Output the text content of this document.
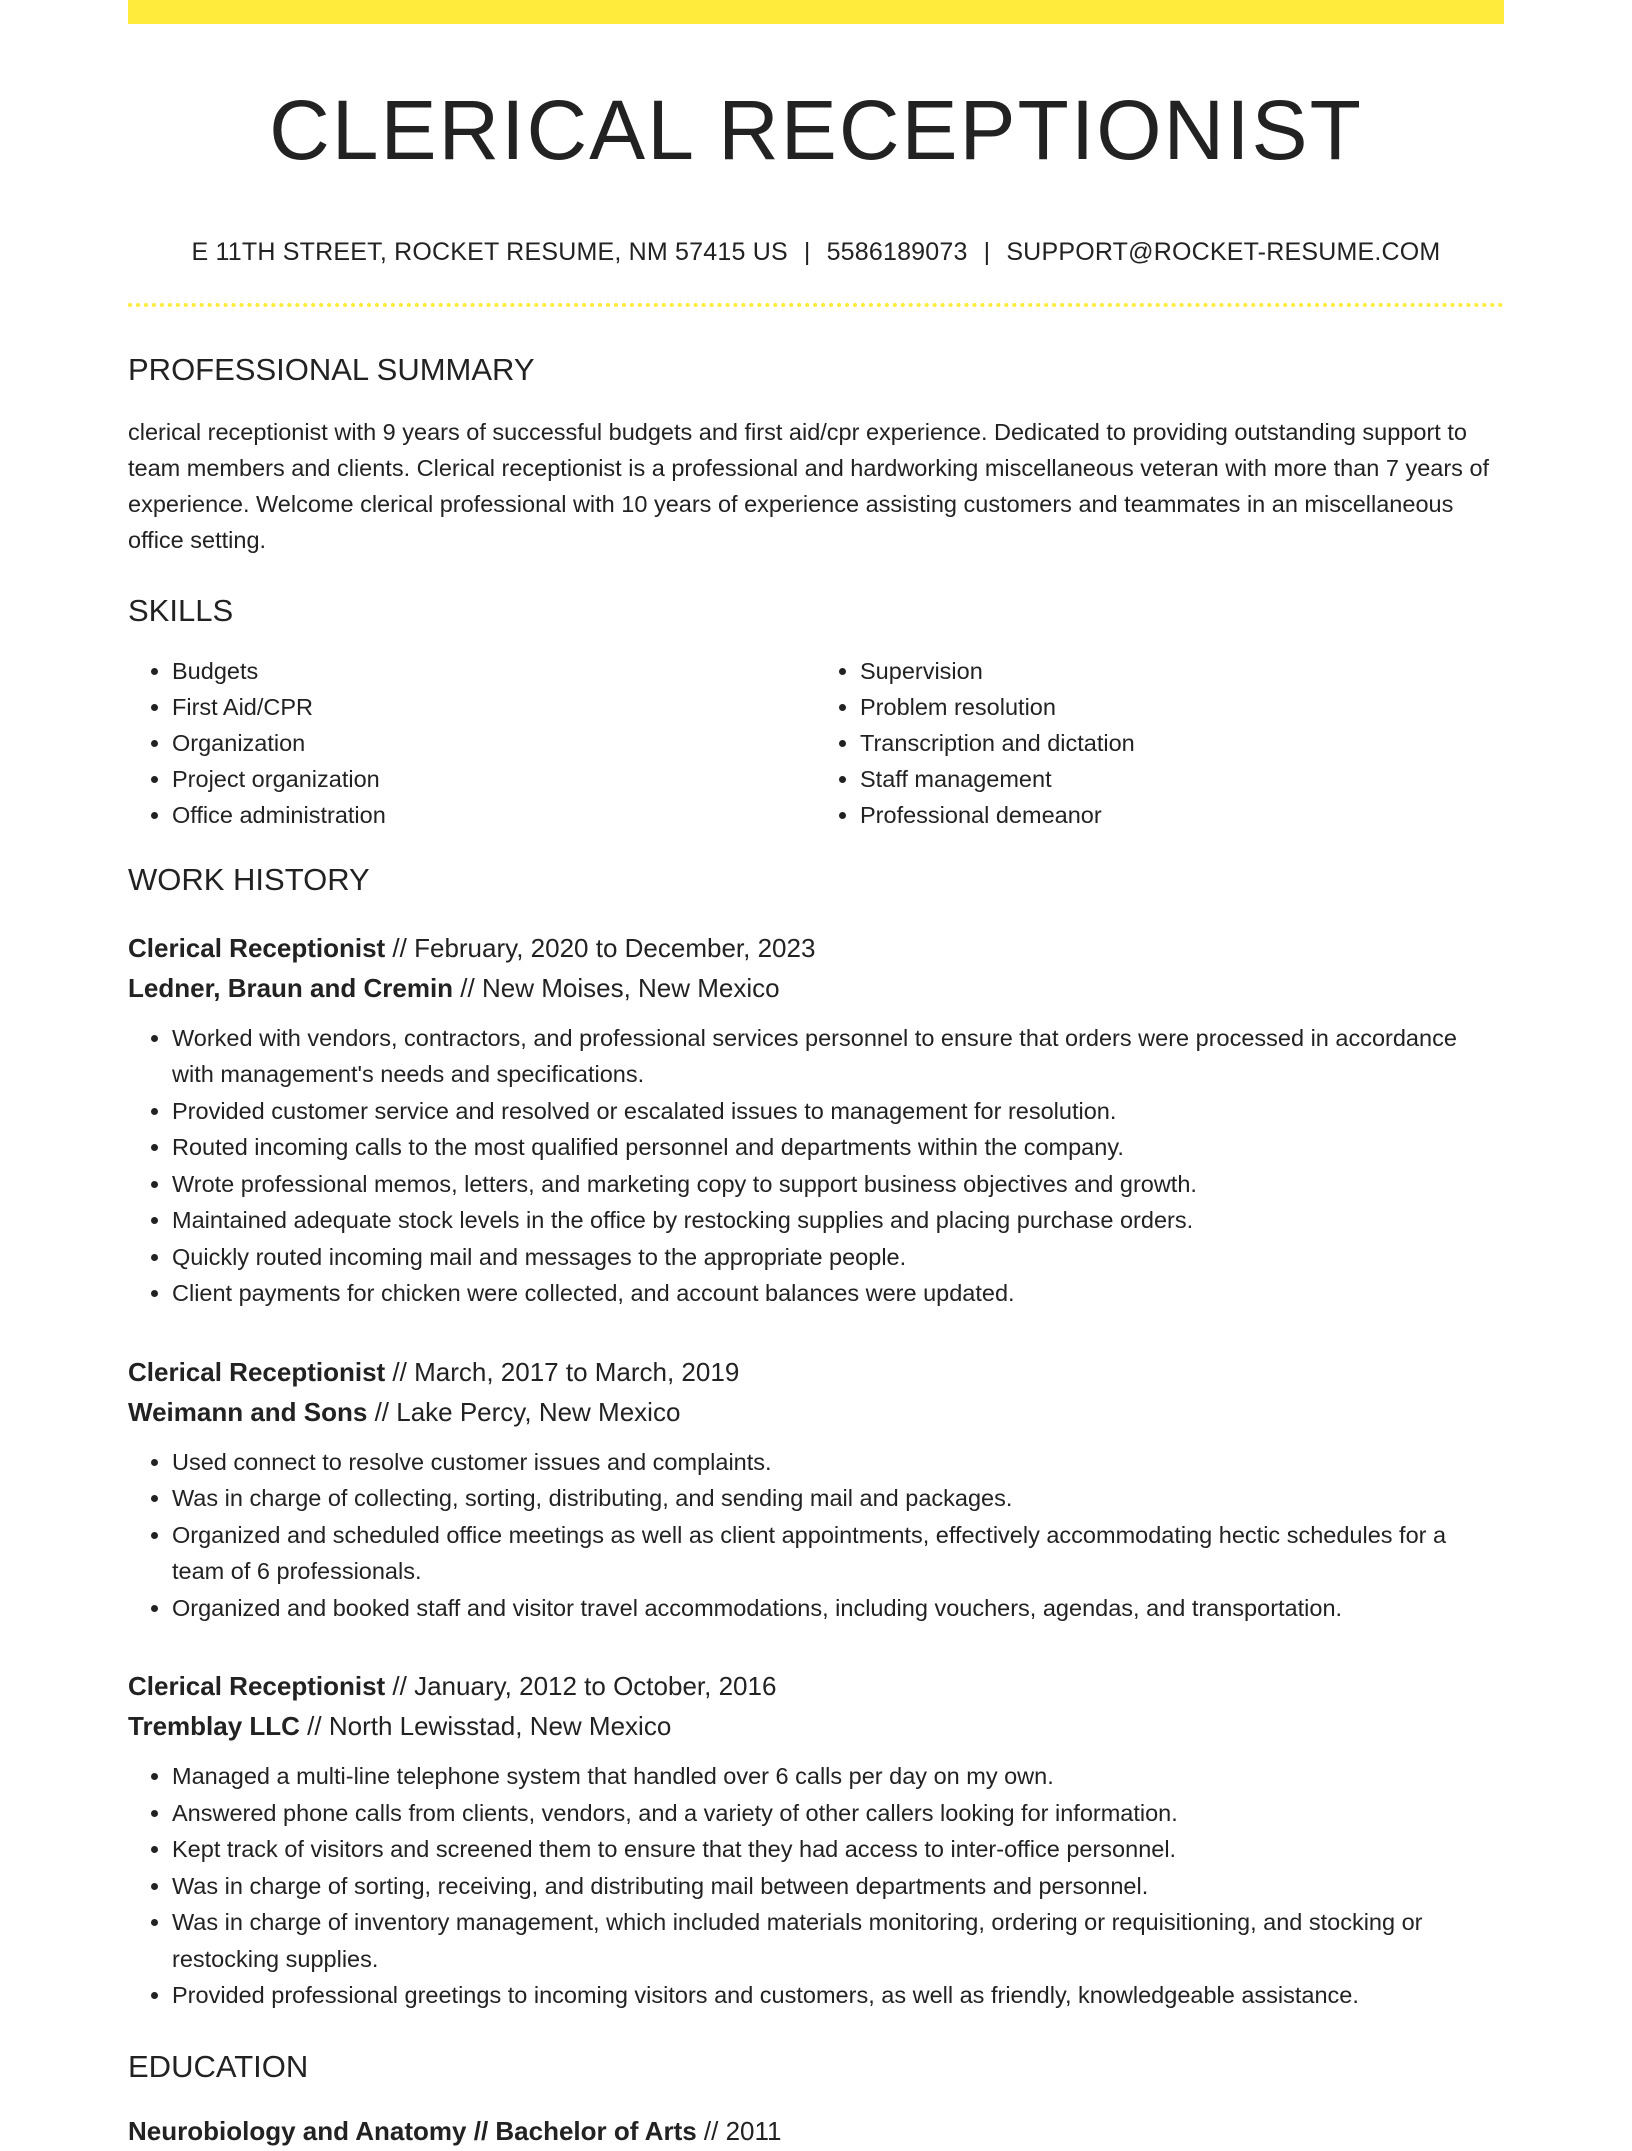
CLERICAL RECEPTIONIST
E 11TH STREET, ROCKET RESUME, NM 57415 US | 5586189073 | SUPPORT@ROCKET-RESUME.COM
PROFESSIONAL SUMMARY

clerical receptionist with 9 years of successful budgets and first aid/cpr experience. Dedicated to providing outstanding support to team members and clients. Clerical receptionist is a professional and hardworking miscellaneous veteran with more than 7 years of experience. Welcome clerical professional with 10 years of experience assisting customers and teammates in an miscellaneous office setting.

SKILLS
• Budgets
• First Aid/CPR
• Organization
• Project organization
• Office administration
• Supervision
• Problem resolution
• Transcription and dictation
• Staff management
• Professional demeanor
WORK HISTORY
Clerical Receptionist // February, 2020 to December, 2023
Ledner, Braun and Cremin // New Moises, New Mexico
• Worked with vendors, contractors, and professional services personnel to ensure that orders were processed in accordance with management's needs and specifications.
• Provided customer service and resolved or escalated issues to management for resolution.
• Routed incoming calls to the most qualified personnel and departments within the company.
• Wrote professional memos, letters, and marketing copy to support business objectives and growth.
• Maintained adequate stock levels in the office by restocking supplies and placing purchase orders.
• Quickly routed incoming mail and messages to the appropriate people.
• Client payments for chicken were collected, and account balances were updated.
Clerical Receptionist // March, 2017 to March, 2019
Weimann and Sons // Lake Percy, New Mexico
• Used connect to resolve customer issues and complaints.
• Was in charge of collecting, sorting, distributing, and sending mail and packages.
• Organized and scheduled office meetings as well as client appointments, effectively accommodating hectic schedules for a team of 6 professionals.
• Organized and booked staff and visitor travel accommodations, including vouchers, agendas, and transportation.
Clerical Receptionist // January, 2012 to October, 2016
Tremblay LLC // North Lewisstad, New Mexico
• Managed a multi-line telephone system that handled over 6 calls per day on my own.
• Answered phone calls from clients, vendors, and a variety of other callers looking for information.
• Kept track of visitors and screened them to ensure that they had access to inter-office personnel.
• Was in charge of sorting, receiving, and distributing mail between departments and personnel.
• Was in charge of inventory management, which included materials monitoring, ordering or requisitioning, and stocking or restocking supplies.
• Provided professional greetings to incoming visitors and customers, as well as friendly, knowledgeable assistance.
EDUCATION
Neurobiology and Anatomy // Bachelor of Arts // 2011
